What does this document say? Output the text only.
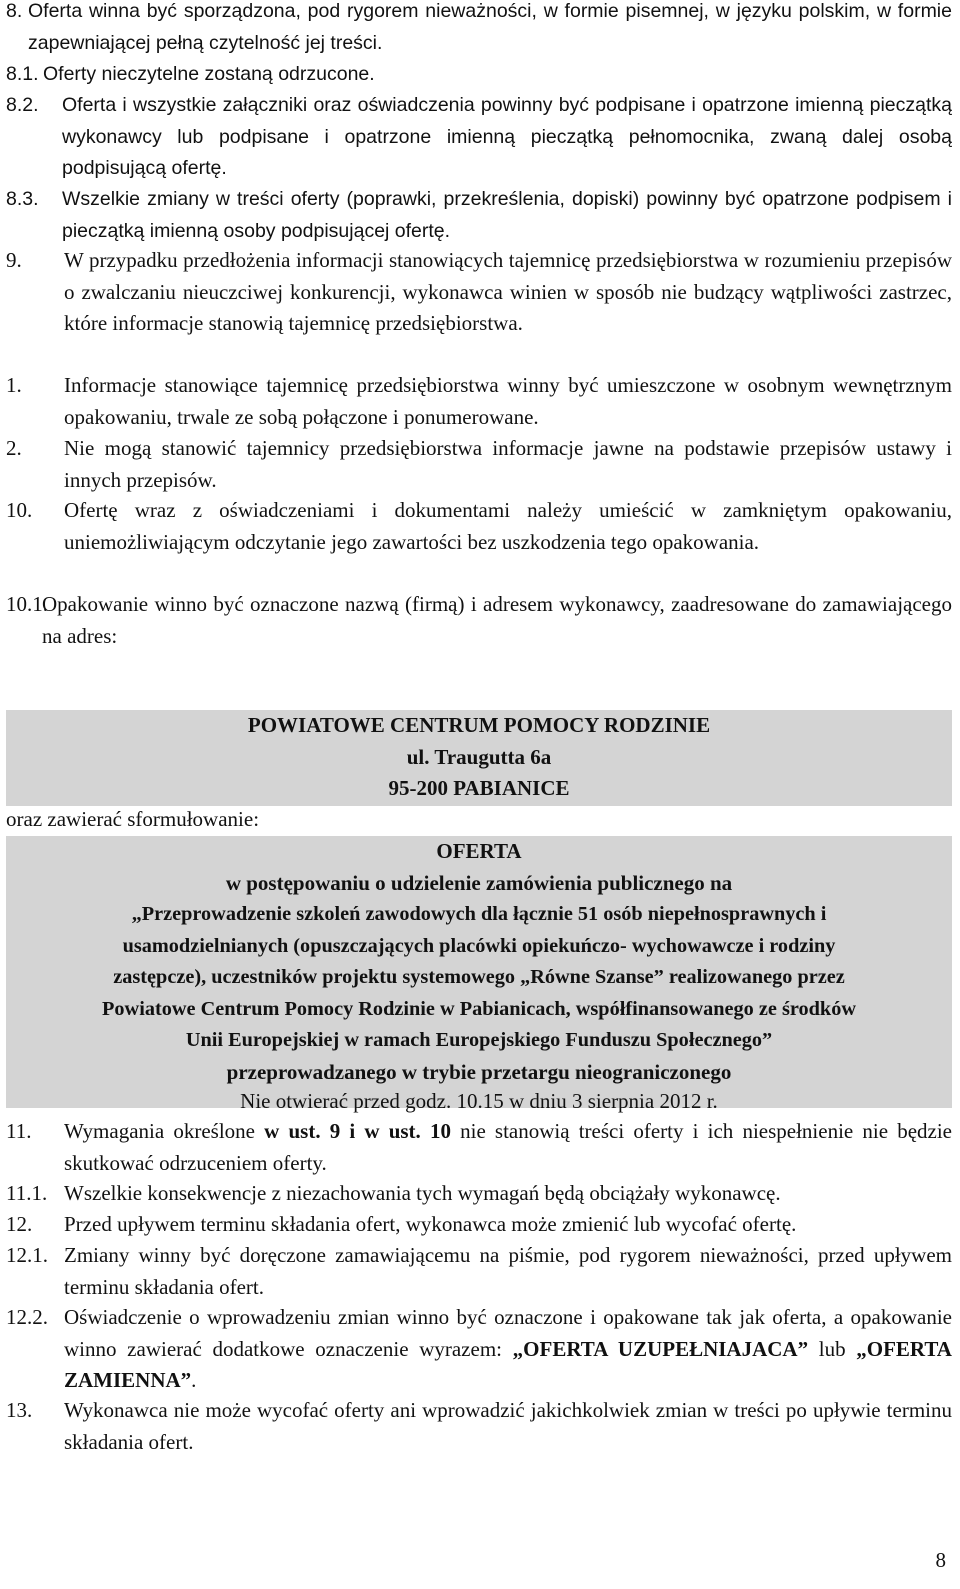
8. Oferta winna być sporządzona, pod rygorem nieważności, w formie pisemnej, w języku polskim, w formie zapewniającej pełną czytelność jej treści.
8.1. Oferty nieczytelne zostaną odrzucone.
8.2. Oferta i wszystkie załączniki oraz oświadczenia powinny być podpisane i opatrzone imienną pieczątką wykonawcy lub podpisane i opatrzone imienną pieczątką pełnomocnika, zwaną dalej osobą podpisującą ofertę.
8.3. Wszelkie zmiany w treści oferty (poprawki, przekreślenia, dopiski) powinny być opatrzone podpisem i pieczątką imienną osoby podpisującej ofertę.
9. W przypadku przedłożenia informacji stanowiących tajemnicę przedsiębiorstwa w rozumieniu przepisów o zwalczaniu nieuczciwej konkurencji, wykonawca winien w sposób nie budzący wątpliwości zastrzec, które informacje stanowią tajemnicę przedsiębiorstwa.
1. Informacje stanowiące tajemnicę przedsiębiorstwa winny być umieszczone w osobnym wewnętrznym opakowaniu, trwale ze sobą połączone i ponumerowane.
2. Nie mogą stanowić tajemnicy przedsiębiorstwa informacje jawne na podstawie przepisów ustawy i innych przepisów.
10. Ofertę wraz z oświadczeniami i dokumentami należy umieścić w zamkniętym opakowaniu, uniemożliwiającym odczytanie jego zawartości bez uszkodzenia tego opakowania.
10.1.
Opakowanie winno być oznaczone nazwą (firmą) i adresem wykonawcy, zaadresowane do zamawiającego na adres:
POWIATOWE CENTRUM POMOCY RODZINIE
ul. Traugutta 6a
95-200 PABIANICE
oraz zawierać sformułowanie:
OFERTA
w postępowaniu o udzielenie zamówienia publicznego na
„Przeprowadzenie szkoleń zawodowych dla łącznie 51 osób niepełnosprawnych i
usamodzielnianych (opuszczających placówki opiekuńczo- wychowawcze i rodziny
zastępcze), uczestników projektu systemowego „Równe Szanse” realizowanego przez
Powiatowe Centrum Pomocy Rodzinie w Pabianicach, współfinansowanego ze środków
Unii Europejskiej w ramach Europejskiego Funduszu Społecznego”
przeprowadzanego w trybie przetargu nieograniczonego
Nie otwierać przed godz. 10.15 w dniu 3 sierpnia 2012 r.
11. Wymagania określone w ust. 9 i w ust. 10 nie stanowią treści oferty i ich niespełnienie nie będzie skutkować odrzuceniem oferty.
11.1. Wszelkie konsekwencje z niezachowania tych wymagań będą obciążały wykonawcę.
12. Przed upływem terminu składania ofert, wykonawca może zmienić lub wycofać ofertę.
12.1. Zmiany winny być doręczone zamawiającemu na piśmie, pod rygorem nieważności, przed upływem terminu składania ofert.
12.2. Oświadczenie o wprowadzeniu zmian winno być oznaczone i opakowane tak jak oferta, a opakowanie winno zawierać dodatkowe oznaczenie wyrazem: „OFERTA UZUPEŁNIAJACA” lub „OFERTA ZAMIENNA”.
13. Wykonawca nie może wycofać oferty ani wprowadzić jakichkolwiek zmian w treści po upływie terminu składania ofert.
8
